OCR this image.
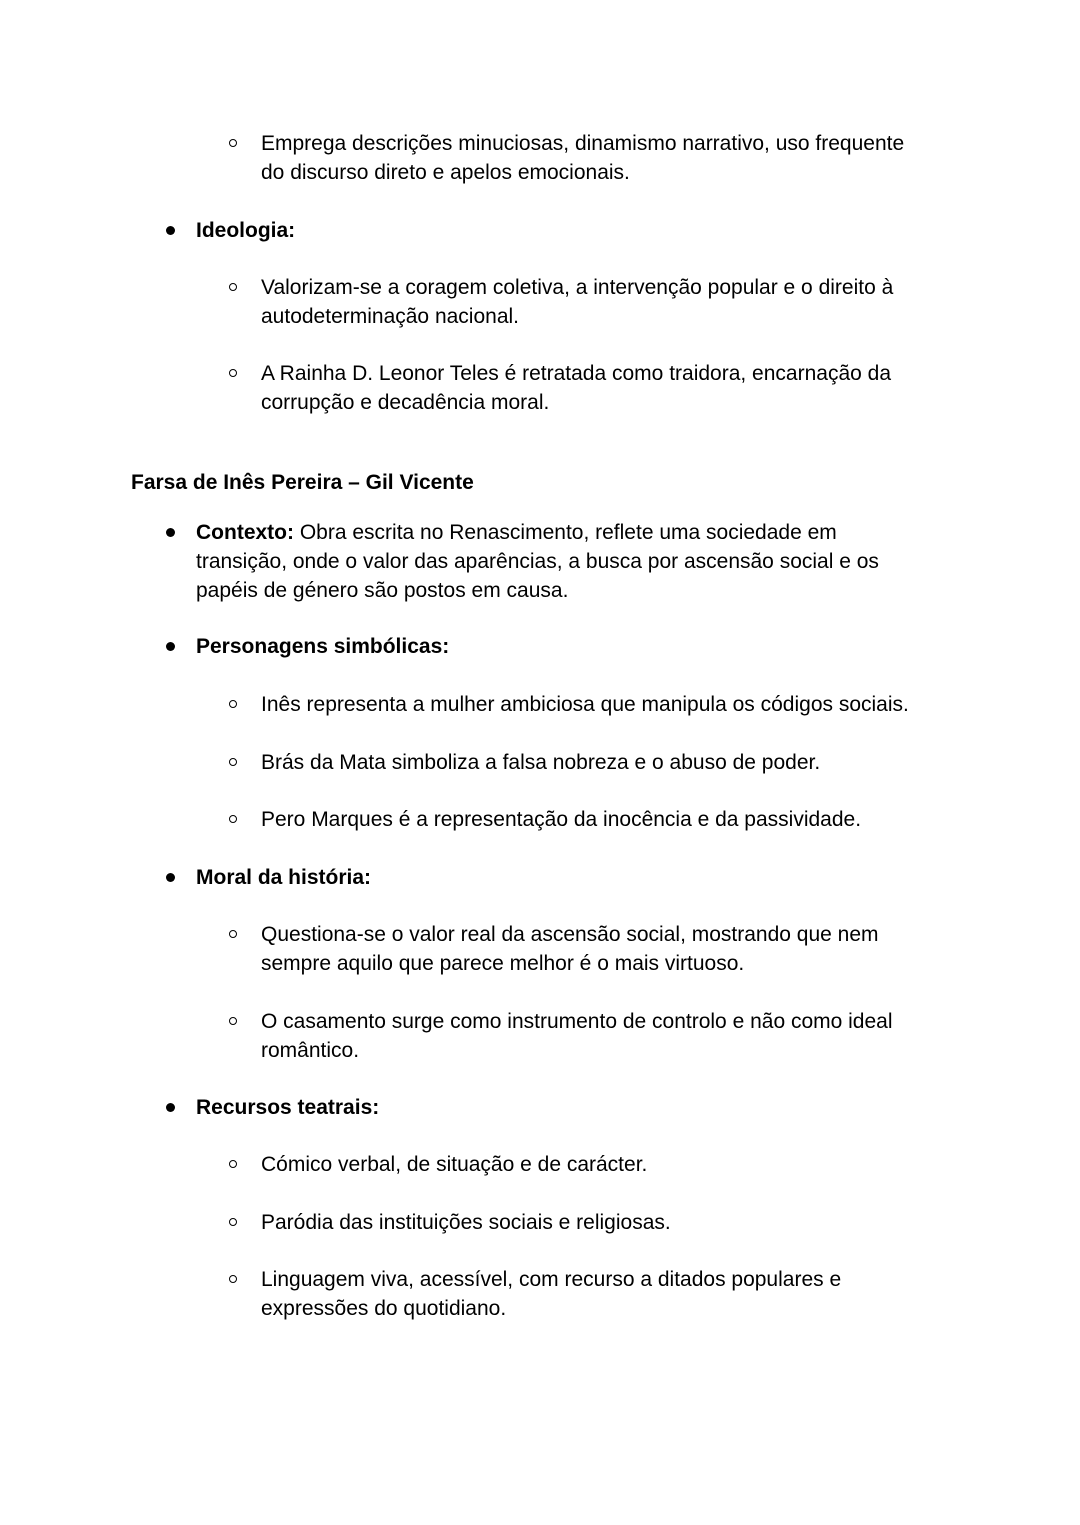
Emprega descrições minuciosas, dinamismo narrativo, uso frequente
do discurso direto e apelos emocionais.
Ideologia:
Valorizam-se a coragem coletiva, a intervenção popular e o direito à
autodeterminação nacional.
A Rainha D. Leonor Teles é retratada como traidora, encarnação da
corrupção e decadência moral.
Farsa de Inês Pereira – Gil Vicente
Contexto: Obra escrita no Renascimento, reflete uma sociedade em
transição, onde o valor das aparências, a busca por ascensão social e os
papéis de género são postos em causa.
Personagens simbólicas:
Inês representa a mulher ambiciosa que manipula os códigos sociais.
Brás da Mata simboliza a falsa nobreza e o abuso de poder.
Pero Marques é a representação da inocência e da passividade.
Moral da história:
Questiona-se o valor real da ascensão social, mostrando que nem
sempre aquilo que parece melhor é o mais virtuoso.
O casamento surge como instrumento de controlo e não como ideal
romântico.
Recursos teatrais:
Cómico verbal, de situação e de carácter.
Paródia das instituições sociais e religiosas.
Linguagem viva, acessível, com recurso a ditados populares e
expressões do quotidiano.
